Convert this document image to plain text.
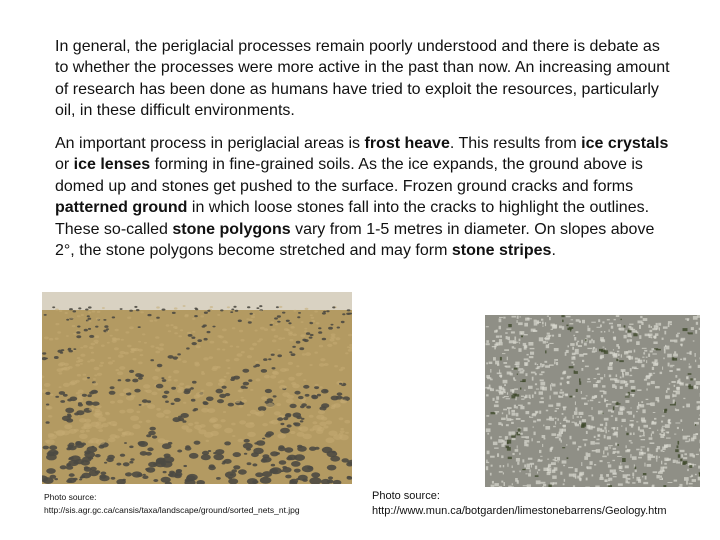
In general, the periglacial processes remain poorly understood and there is debate as to whether the processes were more active in the past than now. An increasing amount of research has been done as humans have tried to exploit the resources, particularly oil, in these difficult environments.

An important process in periglacial areas is frost heave. This results from ice crystals or ice lenses forming in fine-grained soils. As the ice expands, the ground above is domed up and stones get pushed to the surface. Frozen ground cracks and forms patterned ground in which loose stones fall into the cracks to highlight the outlines. These so-called stone polygons vary from 1-5 metres in diameter. On slopes above 2°, the stone polygons become stretched and may form stone stripes.

Photo source:
http://sis.agr.gc.ca/cansis/taxa/landscape/ground/sorted_nets_nt.jpg
Photo source:
http://www.mun.ca/botgarden/limestonebarrens/Geology.htm
